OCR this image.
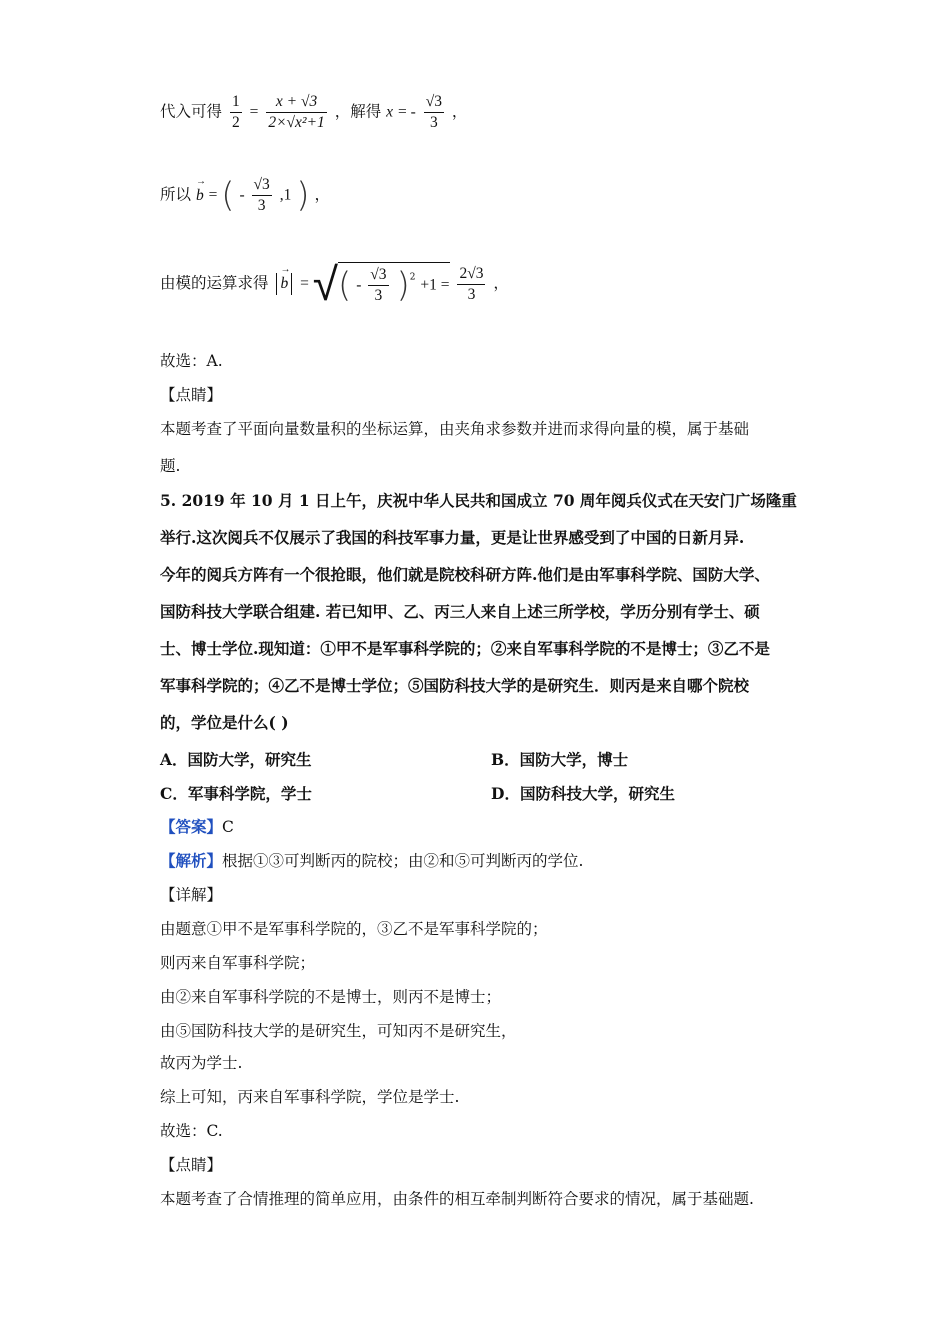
代入可得 $\frac{1}{2} = \frac{x + √3}{\text{2×√x²+1}}$ ，解得 x = - $\frac{√3}{3}$ ，
所以 → b = ( - $\frac{√3}{3} ,1$ ) ，
由模的运算求得 → b = √( - $\frac{√3}{3} )^2 +1 = \frac{2√3}{3}$ ，
故选：A.
【点睛】
本题考查了平面向量数量积的坐标运算，由夹角求参数并进而求得向量的模，属于基础
题.
5. 2019 年 10 月 1 日上午，庆祝中华人民共和国成立 70 周年阅兵仪式在天安门广场隆重
举行.这次阅兵不仅展示了我国的科技军事力量，更是让世界感受到了中国的日新月异.
今年的阅兵方阵有一个很抢眼，他们就是院校科研方阵.他们是由军事科学院、国防大学、
国防科技大学联合组建. 若已知甲、乙、丙三人来自上述三所学校，学历分别有学士、硕
士、博士学位.现知道：①甲不是军事科学院的；②来自军事科学院的不是博士；③乙不是
军事科学院的；④乙不是博士学位；⑤国防科技大学的是研究生．则丙是来自哪个院校
的，学位是什么( )
A．国防大学，研究生	B．国防大学，博士
C．军事科学院，学士	D．国防科技大学，研究生
【答案】C
【解析】根据①③可判断丙的院校；由②和⑤可判断丙的学位.
【详解】
由题意①甲不是军事科学院的，③乙不是军事科学院的；
则丙来自军事科学院；
由②来自军事科学院的不是博士，则丙不是博士；
由⑤国防科技大学的是研究生，可知丙不是研究生，
故丙为学士.
综上可知，丙来自军事科学院，学位是学士.
故选：C.
【点睛】
本题考查了合情推理的简单应用，由条件的相互牵制判断符合要求的情况，属于基础题.
